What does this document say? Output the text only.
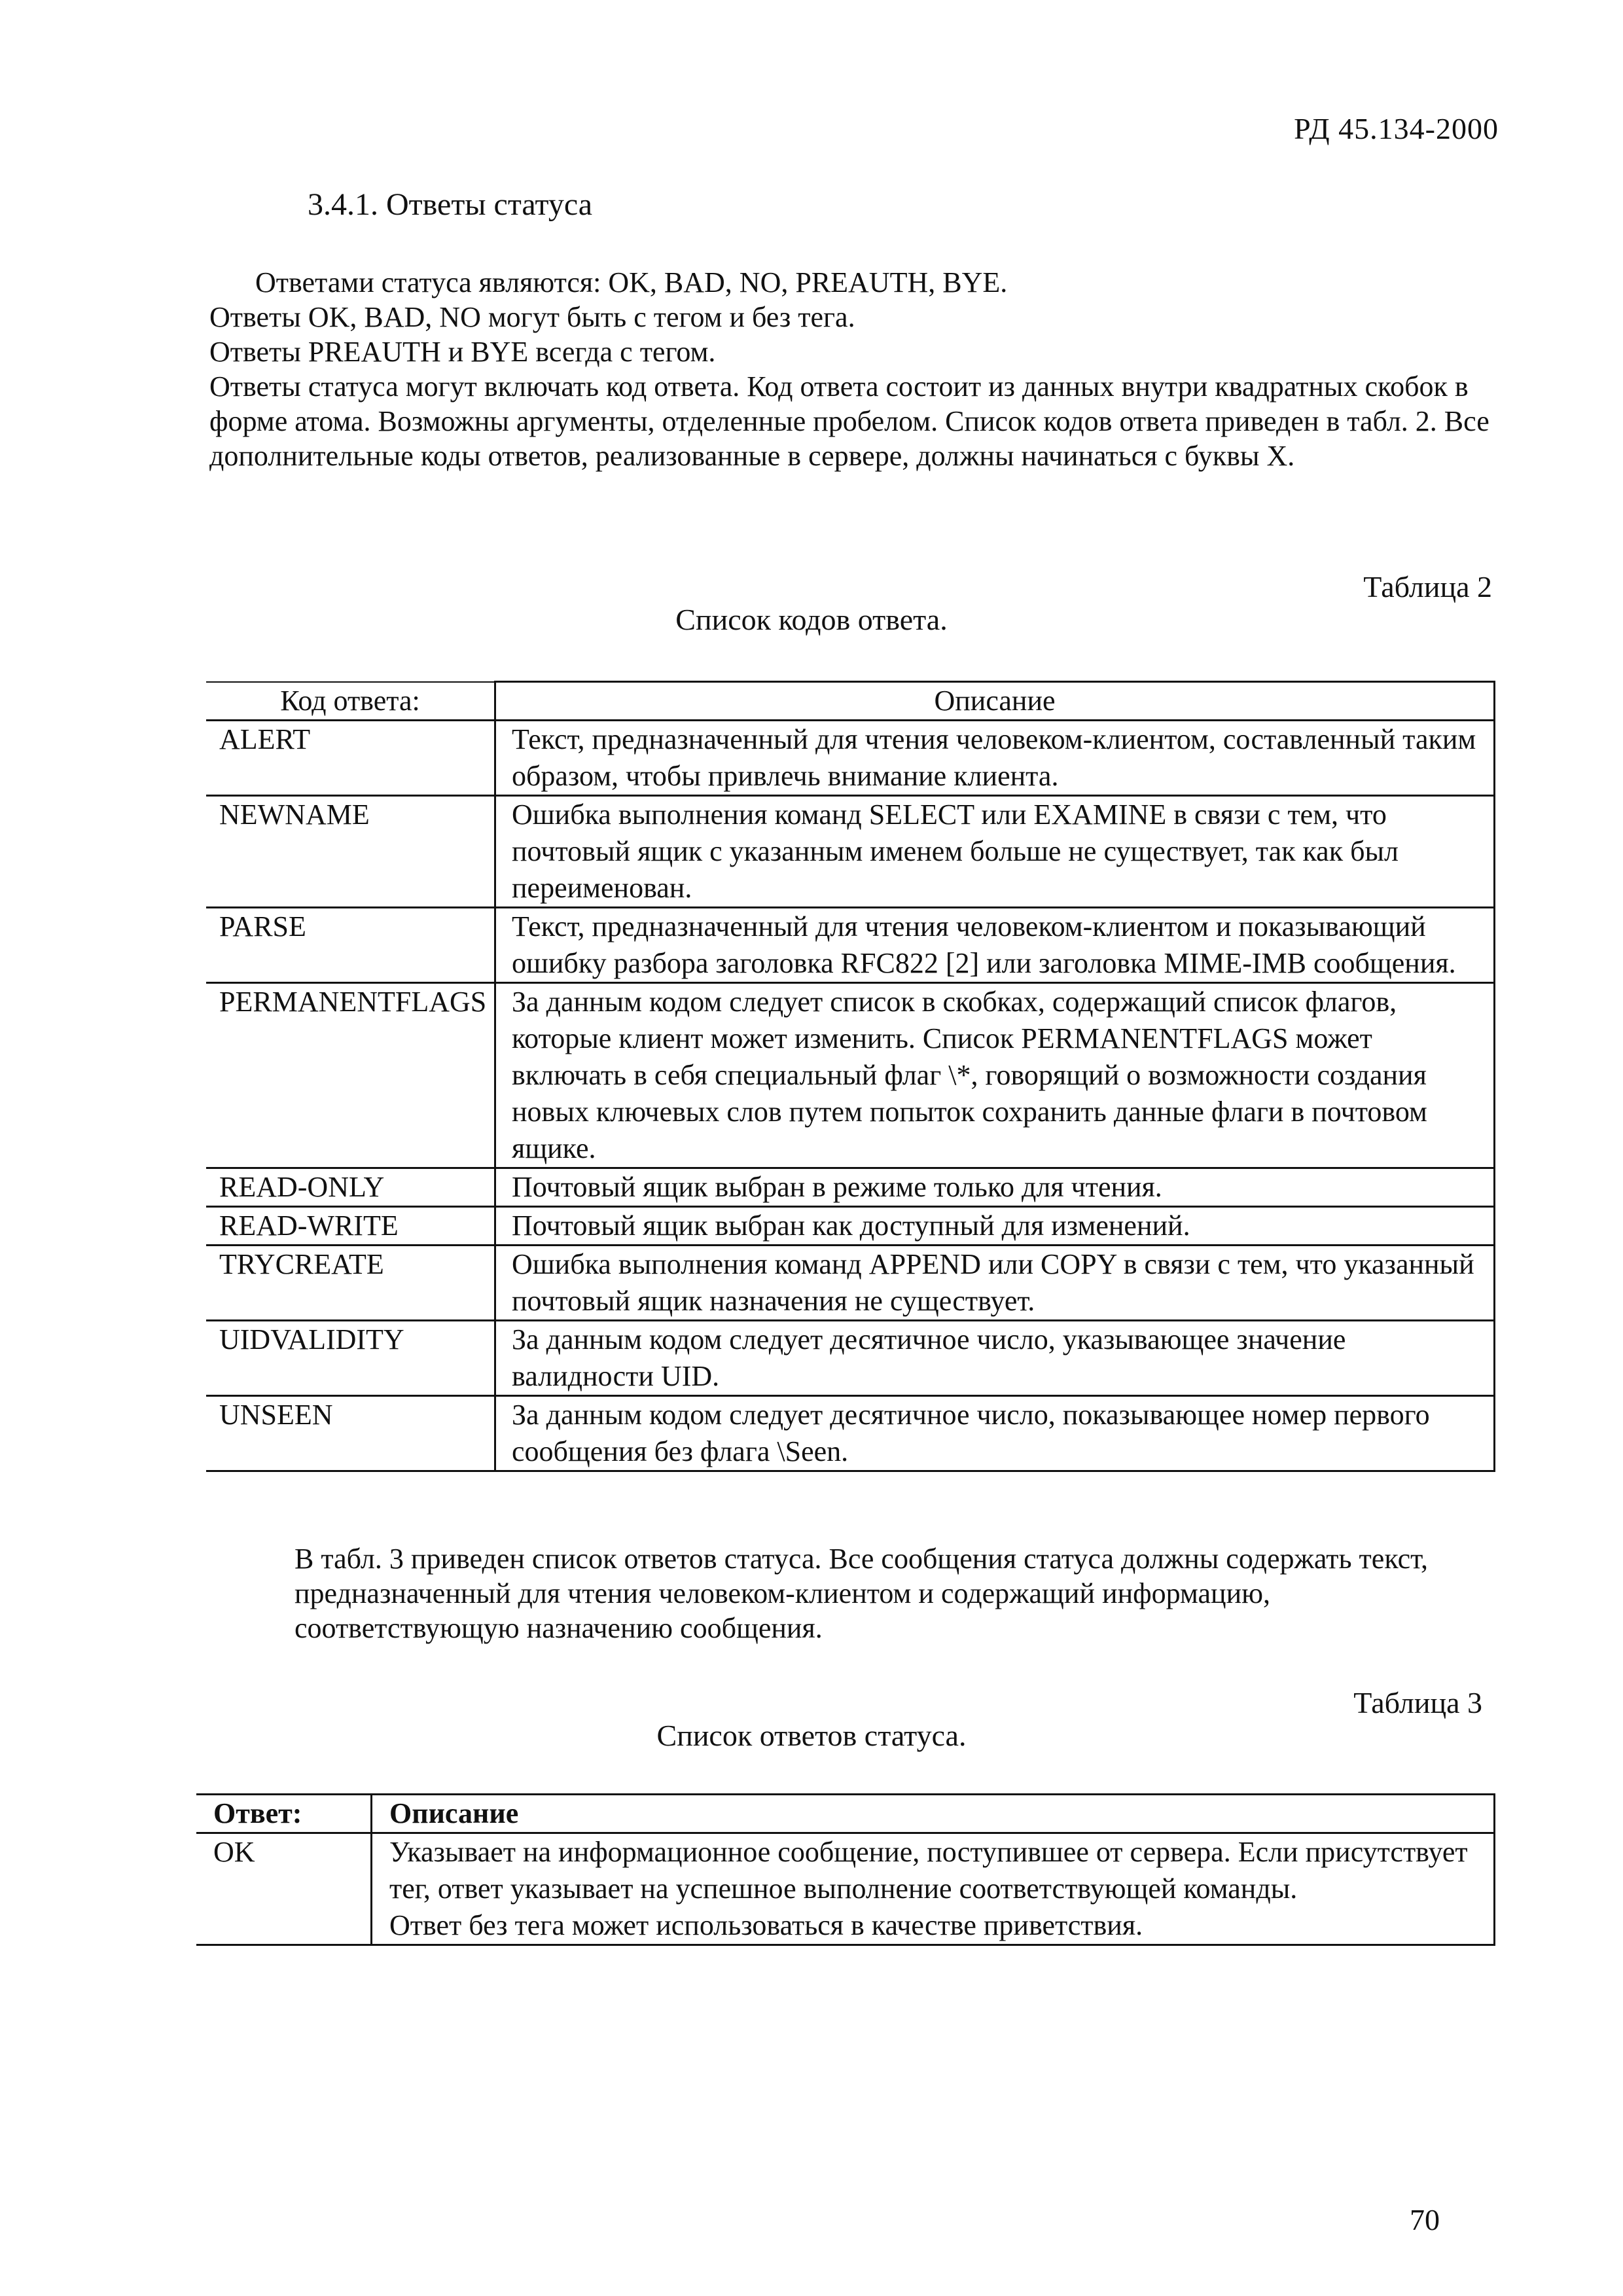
РД 45.134-2000
3.4.1. Ответы статуса

Ответами статуса являются: OK, BAD, NO, PREAUTH, BYE.

Ответы OK, BAD, NO могут быть с тегом и без тега.

Ответы PREAUTH и BYE всегда с тегом.

Ответы статуса могут включать код ответа. Код ответа состоит из данных внутри квадратных скобок в форме атома. Возможны аргументы, отделенные пробелом. Список кодов ответа приведен в табл. 2. Все дополнительные коды ответов, реализованные в сервере, должны начинаться с буквы X.

Таблица 2
Список кодов ответа.
Код ответа:	Описание
ALERT	Текст, предназначенный для чтения человеком-клиентом, составленный таким образом, чтобы привлечь внимание клиента.
NEWNAME	Ошибка выполнения команд SELECT или EXAMINE в связи с тем, что почтовый ящик с указанным именем больше не существует, так как был переименован.
PARSE	Текст, предназначенный для чтения человеком-клиентом и показывающий ошибку разбора заголовка RFC822 [2] или заголовка MIME-IMB сообщения.
PERMANENTFLAGS	За данным кодом следует список в скобках, содержащий список флагов, которые клиент может изменить. Список PERMANENTFLAGS может включать в себя специальный флаг \*, говорящий о возможности создания новых ключевых слов путем попыток сохранить данные флаги в почтовом ящике.
READ-ONLY	Почтовый ящик выбран в режиме только для чтения.
READ-WRITE	Почтовый ящик выбран как доступный для изменений.
TRYCREATE	Ошибка выполнения команд APPEND или COPY в связи с тем, что указанный почтовый ящик назначения не существует.
UIDVALIDITY	За данным кодом следует десятичное число, указывающее значение валидности UID.
UNSEEN	За данным кодом следует десятичное число, показывающее номер первого сообщения без флага \Seen.

В табл. 3 приведен список ответов статуса. Все сообщения статуса должны содержать текст, предназначенный для чтения человеком-клиентом и содержащий информацию, соответствующую назначению сообщения.

Таблица 3
Список ответов статуса.
Ответ:	Описание
OK	Указывает на информационное сообщение, поступившее от сервера. Если присутствует тег, ответ указывает на успешное выполнение соответствующей команды.
Ответ без тега может использоваться в качестве приветствия.
70
